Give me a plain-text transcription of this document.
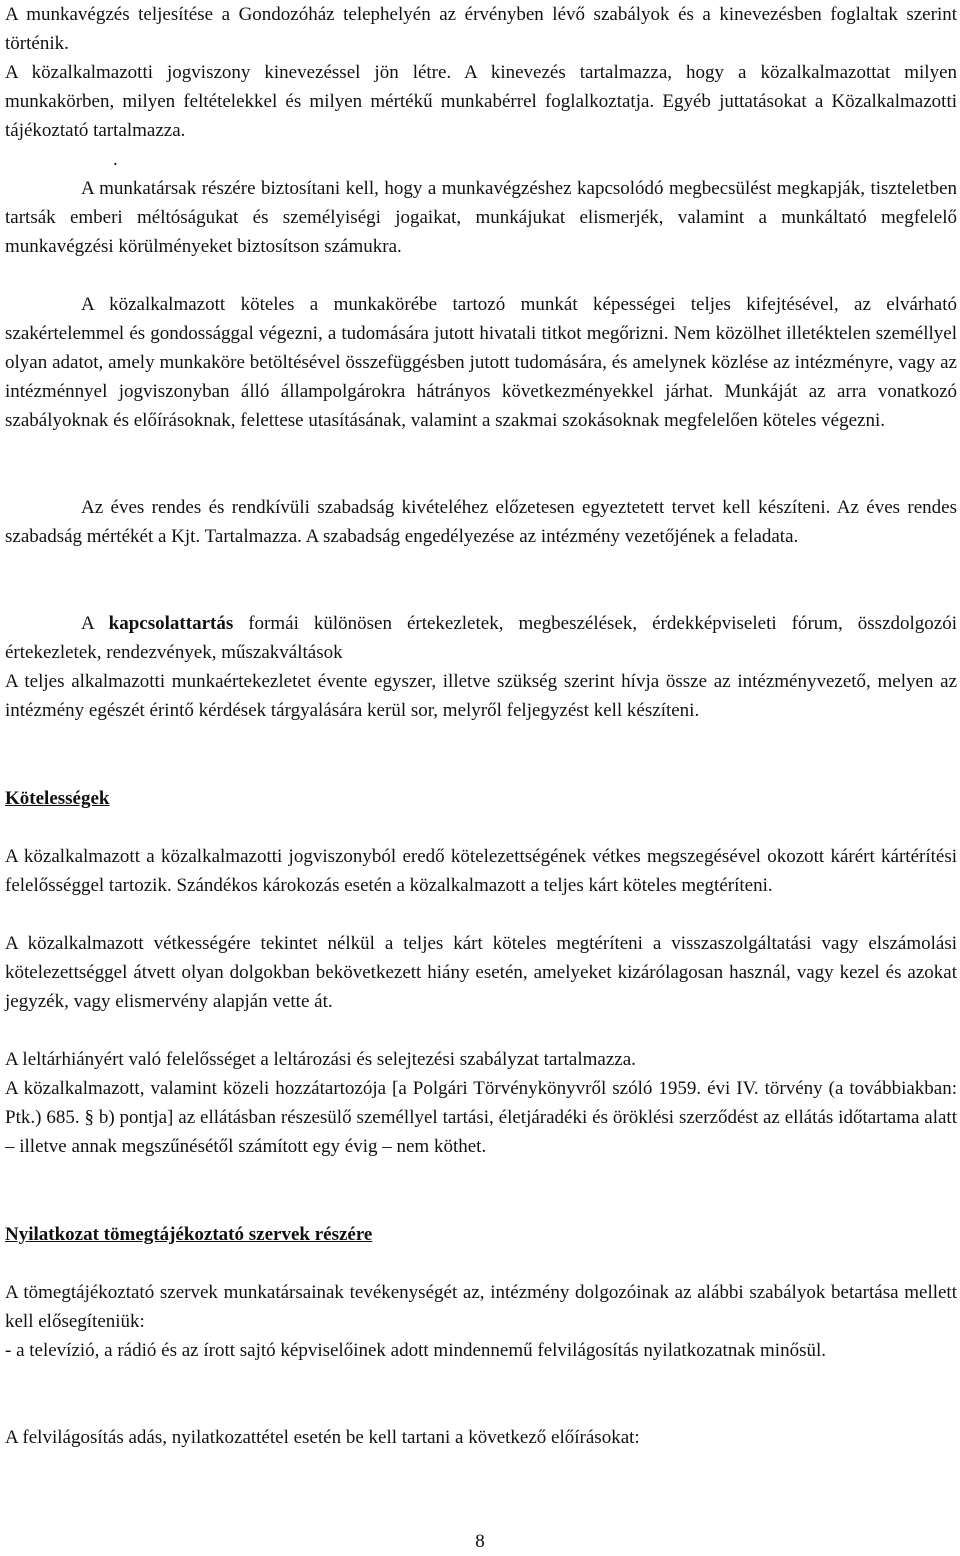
A munkavégzés teljesítése a Gondozóház telephelyén az érvényben lévő szabályok és a kinevezésben foglaltak szerint történik.

A közalkalmazotti jogviszony kinevezéssel jön létre. A kinevezés tartalmazza, hogy a közalkalmazottat milyen munkakörben, milyen feltételekkel és milyen mértékű munkabérrel foglalkoztatja. Egyéb juttatásokat a Közalkalmazotti tájékoztató tartalmazza.

.

A munkatársak részére biztosítani kell, hogy a munkavégzéshez kapcsolódó megbecsülést megkapják, tiszteletben tartsák emberi méltóságukat és személyiségi jogaikat, munkájukat elismerjék, valamint a munkáltató megfelelő munkavégzési körülményeket biztosítson számukra.

A közalkalmazott köteles a munkakörébe tartozó munkát képességei teljes kifejtésével, az elvárható szakértelemmel és gondossággal végezni, a tudomására jutott hivatali titkot megőrizni. Nem közölhet illetéktelen személlyel olyan adatot, amely munkaköre betöltésével összefüggésben jutott tudomására, és amelynek közlése az intézményre, vagy az intézménnyel jogviszonyban álló állampolgárokra hátrányos következményekkel járhat. Munkáját az arra vonatkozó szabályoknak és előírásoknak, felettese utasításának, valamint a szakmai szokásoknak megfelelően köteles végezni.

Az éves rendes és rendkívüli szabadság kivételéhez előzetesen egyeztetett tervet kell készíteni. Az éves rendes szabadság mértékét a Kjt. Tartalmazza. A szabadság engedélyezése az intézmény vezetőjének a feladata.

A kapcsolattartás formái különösen értekezletek, megbeszélések, érdekképviseleti fórum, összdolgozói értekezletek, rendezvények, műszakváltások

A teljes alkalmazotti munkaértekezletet évente egyszer, illetve szükség szerint hívja össze az intézményvezető, melyen az intézmény egészét érintő kérdések tárgyalására kerül sor, melyről feljegyzést kell készíteni.

Kötelességek

A közalkalmazott a közalkalmazotti jogviszonyból eredő kötelezettségének vétkes megszegésével okozott kárért kártérítési felelősséggel tartozik. Szándékos károkozás esetén a közalkalmazott a teljes kárt köteles megtéríteni.

A közalkalmazott vétkességére tekintet nélkül a teljes kárt köteles megtéríteni a visszaszolgáltatási vagy elszámolási kötelezettséggel átvett olyan dolgokban bekövetkezett hiány esetén, amelyeket kizárólagosan használ, vagy kezel és azokat jegyzék, vagy elismervény alapján vette át.

A leltárhiányért való felelősséget a leltározási és selejtezési szabályzat tartalmazza.

A közalkalmazott, valamint közeli hozzátartozója [a Polgári Törvénykönyvről szóló 1959. évi IV. törvény (a továbbiakban: Ptk.) 685. § b) pontja] az ellátásban részesülő személlyel tartási, életjáradéki és öröklési szerződést az ellátás időtartama alatt – illetve annak megszűnésétől számított egy évig – nem köthet.

Nyilatkozat tömegtájékoztató szervek részére

A tömegtájékoztató szervek munkatársainak tevékenységét az, intézmény dolgozóinak az alábbi szabályok betartása mellett kell elősegíteniük:

- a televízió, a rádió és az írott sajtó képviselőinek adott mindennemű felvilágosítás nyilatkozatnak minősül.

A felvilágosítás adás, nyilatkozattétel esetén be kell tartani a következő előírásokat:

8
